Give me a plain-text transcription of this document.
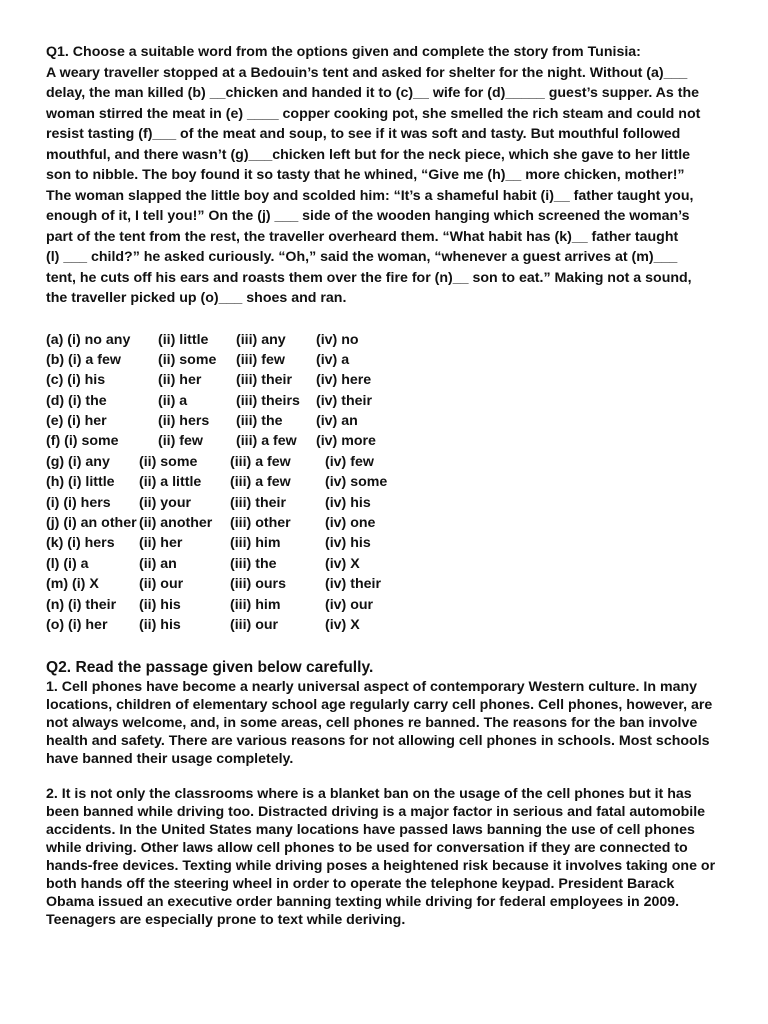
Q1. Choose a suitable word from the options given and complete the story from Tunisia:
A weary traveller stopped at a Bedouin’s tent and asked for shelter for the night. Without (a)___
delay, the man killed (b) __chicken and handed it to (c)__ wife for (d)_____ guest’s supper. As the
woman stirred the meat in (e) ____ copper cooking pot, she smelled the rich steam and could not
resist tasting (f)___ of the meat and soup, to see if it was soft and tasty. But mouthful followed
mouthful, and there wasn’t (g)___chicken left but for the neck piece, which she gave to her little
son to nibble. The boy found it so tasty that he whined, “Give me (h)__ more chicken, mother!”
The woman slapped the little boy and scolded him: “It’s a shameful habit (i)__ father taught you,
enough of it, I tell you!” On the (j) ___ side of the wooden hanging which screened the woman’s
part of the tent from the rest, the traveller overheard them. “What habit has (k)__ father taught
(l) ___ child?” he asked curiously. “Oh,” said the woman, “whenever a guest arrives at (m)___
tent, he cuts off his ears and roasts them over the fire for (n)__ son to eat.” Making not a sound,
the traveller picked up (o)___ shoes and ran.
(a) (i) no any (ii) little (iii) any (iv) no
(b) (i) a few	(ii) some (iii) few (iv) a
(c) (i) his	(ii) her (iii) their (iv) here
(d) (i) the	(ii) a	(iii) theirs (iv) their
(e) (i) her	(ii) hers (iii) the (iv) an
(f) (i) some	(ii) few (iii) a few (iv) more
(g) (i) any (ii) some (iii) a few (iv) few
(h) (i) little (ii) a little (iii) a few (iv) some
(i) (i) hers (ii) your	(iii) their	(iv) his
(j) (i) an other (ii) another (iii) other (iv) one
(k) (i) hers (ii) her	(iii) him	(iv) his
(l) (i) a	(ii) an	(iii) the	(iv) X
(m) (i) X	(ii) our	(iii) ours	(iv) their
(n) (i) their (ii) his	(iii) him	(iv) our
(o) (i) her (ii) his	(iii) our	(iv) X
Q2. Read the passage given below carefully.
1. Cell phones have become a nearly universal aspect of contemporary Western culture. In many
locations, children of elementary school age regularly carry cell phones. Cell phones, however, are
not always welcome, and, in some areas, cell phones re banned. The reasons for the ban involve
health and safety. There are various reasons for not allowing cell phones in schools. Most schools
have banned their usage completely.
2. It is not only the classrooms where is a blanket ban on the usage of the cell phones but it has
been banned while driving too. Distracted driving is a major factor in serious and fatal automobile
accidents. In the United States many locations have passed laws banning the use of cell phones
while driving. Other laws allow cell phones to be used for conversation if they are connected to
hands-free devices. Texting while driving poses a heightened risk because it involves taking one or
both hands off the steering wheel in order to operate the telephone keypad. President Barack
Obama issued an executive order banning texting while driving for federal employees in 2009.
Teenagers are especially prone to text while deriving.
